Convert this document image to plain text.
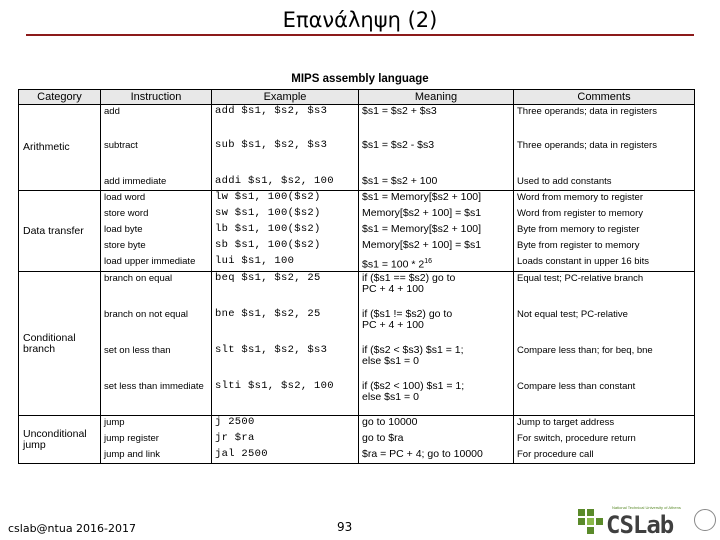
Επανάληψη (2)
MIPS assembly language
Category	Instruction	Example	Meaning	Comments
Arithmetic	add	add $s1, $s2, $s3	$s1 = $s2 + $s3	Three operands; data in registers
	subtract	sub $s1, $s2, $s3	$s1 = $s2 - $s3	Three operands; data in registers
	add immediate	addi $s1, $s2, 100	$s1 = $s2 + 100	Used to add constants
Data transfer	load word	lw $s1, 100($s2)	$s1 = Memory[$s2 + 100]	Word from memory to register
	store word	sw $s1, 100($s2)	Memory[$s2 + 100] = $s1	Word from register to memory
	load byte	lb $s1, 100($s2)	$s1 = Memory[$s2 + 100]	Byte from memory to register
	store byte	sb $s1, 100($s2)	Memory[$s2 + 100] = $s1	Byte from register to memory
	load upper immediate	lui $s1, 100	$s1 = $100 * 2^{16}$	Loads constant in upper 16 bits
Conditional branch	branch on equal	beq $s1, $s2, 25	if ($s1 == $s2) go to
PC + 4 + 100	Equal test; PC-relative branch
	branch on not equal	bne $s1, $s2, 25	if ($s1 != $s2) go to
PC + 4 + 100	Not equal test; PC-relative
	set on less than	slt $s1, $s2, $s3	if ($s2 < $s3) $s1 = 1;
else $s1 = 0	Compare less than; for beq, bne
	set less than immediate	slti $s1, $s2, 100	if ($s2 < 100) $s1 = 1;
else $s1 = 0	Compare less than constant
Unconditional jump	jump	j 2500	go to 10000	Jump to target address
	jump register	jr $ra	go to $ra	For switch, procedure return
	jump and link	jal 2500	$ra = PC + 4; go to 10000	For procedure call
cslab@ntua 2016-2017	93
National Technical University of Athens
CSLab
